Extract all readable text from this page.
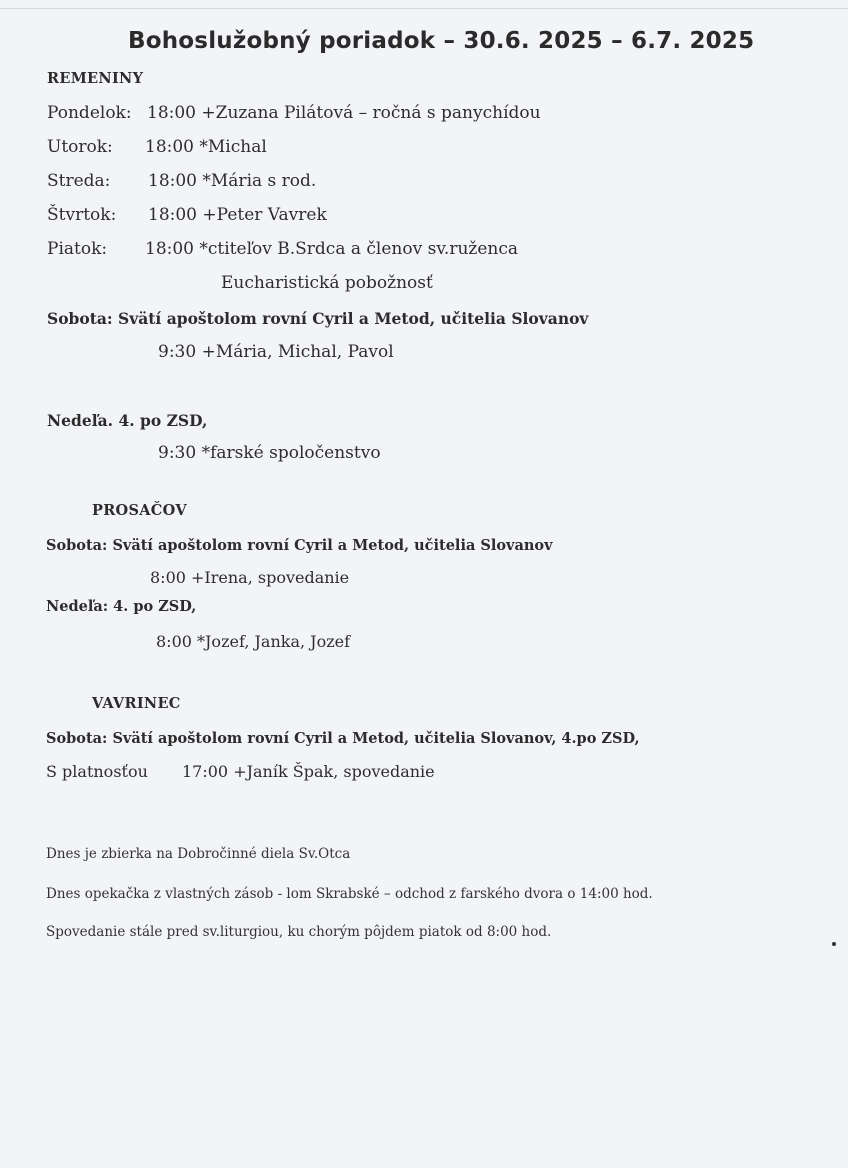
Bohoslužobný poriadok – 30.6. 2025 – 6.7. 2025
REMENINY
Pondelok: 18:00 +Zuzana Pilátová – ročná s panychídou
Utorok: 18:00 *Michal
Streda: 18:00 *Mária s rod.
Štvrtok: 18:00 +Peter Vavrek
Piatok: 18:00 *ctiteľov B.Srdca a členov sv.ruženca
Eucharistická pobožnosť
Sobota: Svätí apoštolom rovní Cyril a Metod, učitelia Slovanov
9:30 +Mária, Michal, Pavol
Nedeľa. 4. po ZSD,
9:30 *farské spoločenstvo
PROSAČOV
Sobota: Svätí apoštolom rovní Cyril a Metod, učitelia Slovanov
8:00 +Irena, spovedanie
Nedeľa: 4. po ZSD,
8:00 *Jozef, Janka, Jozef
VAVRINEC
Sobota: Svätí apoštolom rovní Cyril a Metod, učitelia Slovanov, 4.po ZSD,
S platnosťou 17:00 +Janík Špak, spovedanie
Dnes je zbierka na Dobročinné diela Sv.Otca
Dnes opekačka z vlastných zásob - lom Skrabské – odchod z farského dvora o 14:00 hod.
Spovedanie stále pred sv.liturgiou, ku chorým pôjdem piatok od 8:00 hod.
